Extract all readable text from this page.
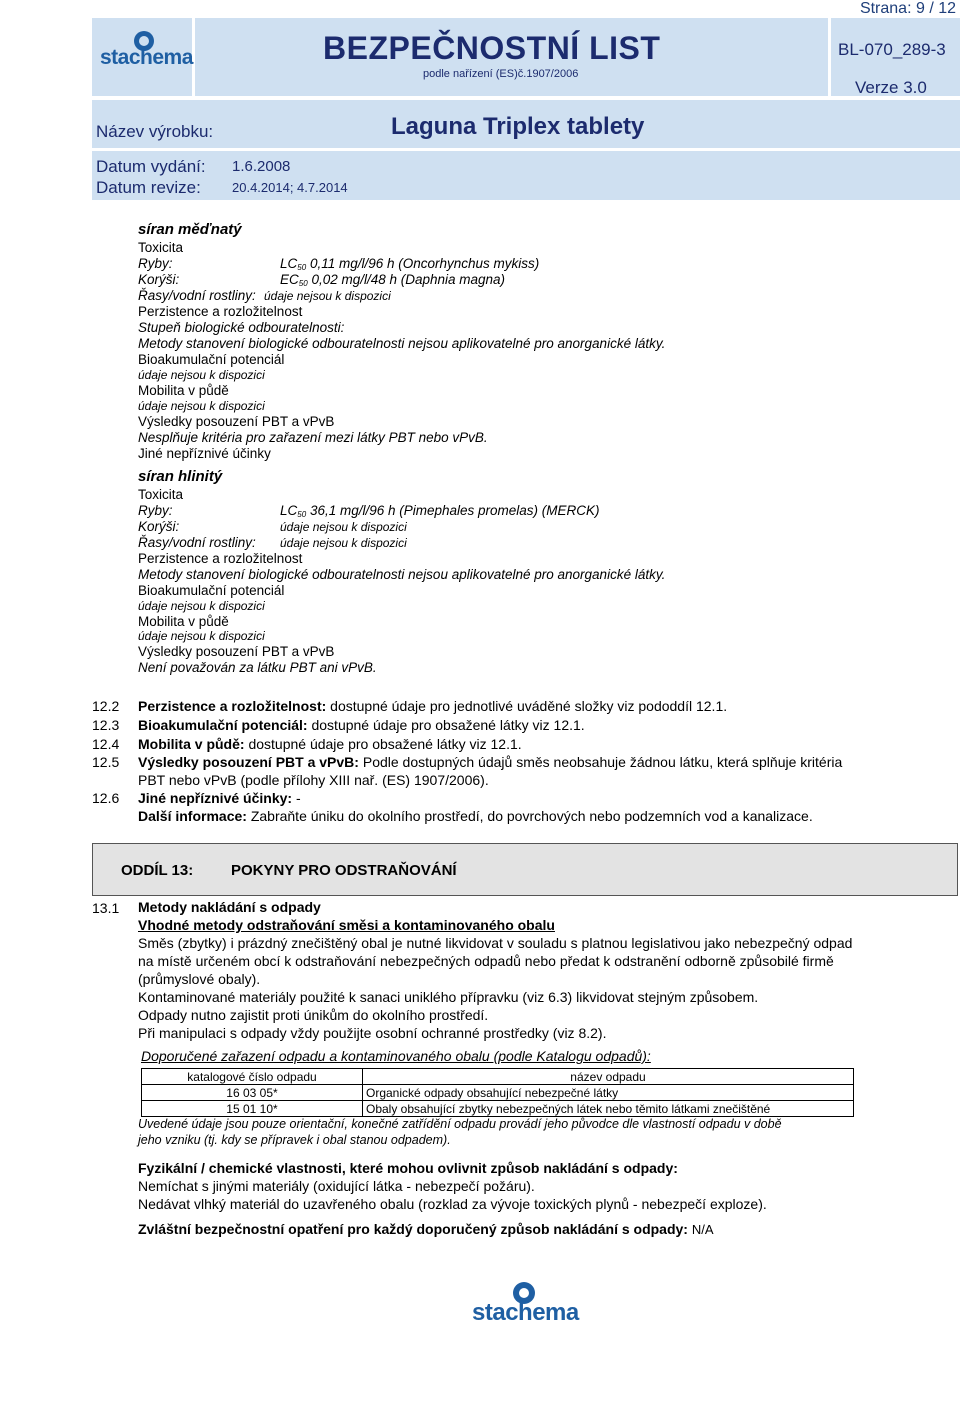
Strana: 9 / 12
stachema	BEZPEČNOSTNÍ LIST
podle nařízení (ES)č.1907/2006
BL-070_289-3
Verze 3.0
Název výrobku:	Laguna Triplex tablety
Datum vydání: 1.6.2008
Datum revize: 20.4.2014; 4.7.2014
síran měďnatý
Toxicita
Ryby:	$LC_{50}$ 0,11 mg/l/96 h (Oncorhynchus mykiss)
Korýši:	$EC_{50}$ 0,02 mg/l/48 h (Daphnia magna)
Řasy/vodní rostliny: údaje nejsou k dispozici
Perzistence a rozložitelnost
Stupeň biologické odbouratelnosti:
Metody stanovení biologické odbouratelnosti nejsou aplikovatelné pro anorganické látky.
Bioakumulační potenciál
údaje nejsou k dispozici
Mobilita v půdě
údaje nejsou k dispozici
Výsledky posouzení PBT a vPvB
Nesplňuje kritéria pro zařazení mezi látky PBT nebo vPvB.
Jiné nepříznivé účinky
síran hlinitý
Toxicita
Ryby:	$LC_{50}$ 36,1 mg/l/96 h (Pimephales promelas) (MERCK)
Korýši:	údaje nejsou k dispozici
Řasy/vodní rostliny: údaje nejsou k dispozici
Perzistence a rozložitelnost
Metody stanovení biologické odbouratelnosti nejsou aplikovatelné pro anorganické látky.
Bioakumulační potenciál
údaje nejsou k dispozici
Mobilita v půdě
údaje nejsou k dispozici
Výsledky posouzení PBT a vPvB
Není považován za látku PBT ani vPvB.
12.2 Perzistence a rozložitelnost: dostupné údaje pro jednotlivé uváděné složky viz pododdíl 12.1.
12.3 Bioakumulační potenciál: dostupné údaje pro obsažené látky viz 12.1.
12.4 Mobilita v půdě: dostupné údaje pro obsažené látky viz 12.1.
12.5 Výsledky posouzení PBT a vPvB: Podle dostupných údajů směs neobsahuje žádnou látku, která splňuje kritéria
PBT nebo vPvB (podle přílohy XIII nař. (ES) 1907/2006).
12.6 Jiné nepříznivé účinky: -
Další informace: Zabraňte úniku do okolního prostředí, do povrchových nebo podzemních vod a kanalizace.
ODDÍL 13:	POKYNY PRO ODSTRAŇOVÁNÍ
13.1 Metody nakládání s odpady
Vhodné metody odstraňování směsi a kontaminovaného obalu
Směs (zbytky) i prázdný znečištěný obal je nutné likvidovat v souladu s platnou legislativou jako nebezpečný odpad
na místě určeném obcí k odstraňování nebezpečných odpadů nebo předat k odstranění odborně způsobilé firmě
(průmyslové obaly).
Kontaminované materiály použité k sanaci uniklého přípravku (viz 6.3) likvidovat stejným způsobem.
Odpady nutno zajistit proti únikům do okolního prostředí.
Při manipulaci s odpady vždy použijte osobní ochranné prostředky (viz 8.2).
Doporučené zařazení odpadu a kontaminovaného obalu (podle Katalogu odpadů):
katalogové číslo odpadu	název odpadu
16 03 05*	Organické odpady obsahující nebezpečné látky
15 01 10*	Obaly obsahující zbytky nebezpečných látek nebo těmito látkami znečištěné
Uvedené údaje jsou pouze orientační, konečné zatřídění odpadu provádí jeho původce dle vlastností odpadu v době
jeho vzniku (tj. kdy se přípravek i obal stanou odpadem).
Fyzikální / chemické vlastnosti, které mohou ovlivnit způsob nakládání s odpady:
Nemíchat s jinými materiály (oxidující látka - nebezpečí požáru).
Nedávat vlhký materiál do uzavřeného obalu (rozklad za vývoje toxických plynů - nebezpečí exploze).
Zvláštní bezpečnostní opatření pro každý doporučený způsob nakládání s odpady: N/A
stachema
